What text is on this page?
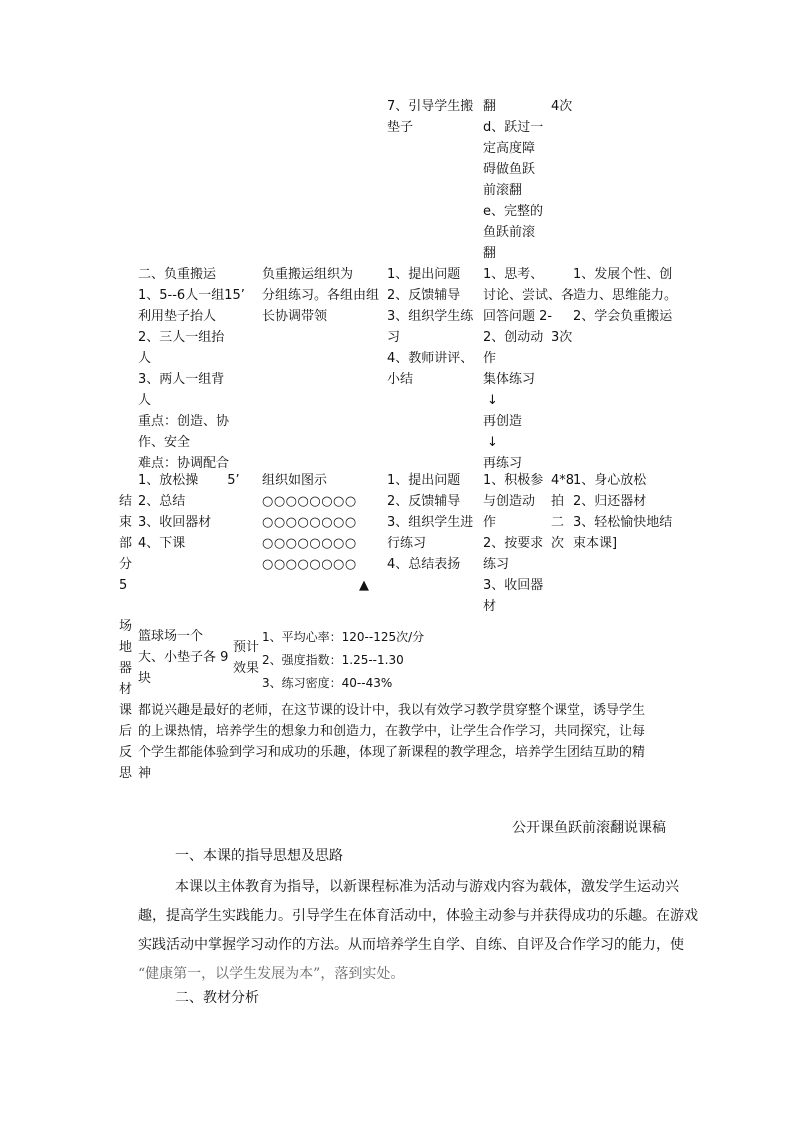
7、引导学生搬
垫子
翻
d、跃过一
定高度障
碍做鱼跃
前滚翻
e、完整的
鱼跃前滚
翻
4次
二、负重搬运
1、5--6人一组15’
利用垫子抬人
2、三人一组抬
人
3、两人一组背
人
重点：创造、协
作、安全
难点：协调配合
负重搬运组织为
分组练习。各组由组
长协调带领
1、提出问题
2、反馈辅导
3、组织学生练
习
4、教师讲评、
小结
1、思考、
讨论、尝试、各
回答问题 2-
2、创动动
作
集体练习
↓
再创造
↓
再练习
3次
1、发展个性、创
造力、思维能力。
2、学会负重搬运
结
束
部
分
5
1、放松操       5’
2、总结
3、收回器材
4、下课
组织如图示
○○○○○○○○
○○○○○○○○
○○○○○○○○
○○○○○○○○
▲
1、提出问题
2、反馈辅导
3、组织学生进
行练习
4、总结表扬
1、积极参
与创造动
作
2、按要求
练习
3、收回器
材
4*8
拍
二
次
1、身心放松
2、归还器材
3、轻松愉快地结
束本课]
场
地
器
材
篮球场一个
大、小垫子各 9
块
预计
效果
1、平均心率：120--125次/分
2、强度指数：1.25--1.30
3、练习密度：40--43%
课
后
反
思
都说兴趣是最好的老师，在这节课的设计中，我以有效学习教学贯穿整个课堂，诱导学生
的上课热情，培养学生的想象力和创造力，在教学中，让学生合作学习，共同探究，让每
个学生都能体验到学习和成功的乐趣，体现了新课程的教学理念，培养学生团结互助的精
神
公开课鱼跃前滚翻说课稿
一、本课的指导思想及思路
本课以主体教育为指导，以新课程标准为活动与游戏内容为载体，激发学生运动兴
趣，提高学生实践能力。引导学生在体育活动中，体验主动参与并获得成功的乐趣。在游戏
实践活动中掌握学习动作的方法。从而培养学生自学、自练、自评及合作学习的能力，使
“健康第一，以学生发展为本”，落到实处。
二、教材分析
